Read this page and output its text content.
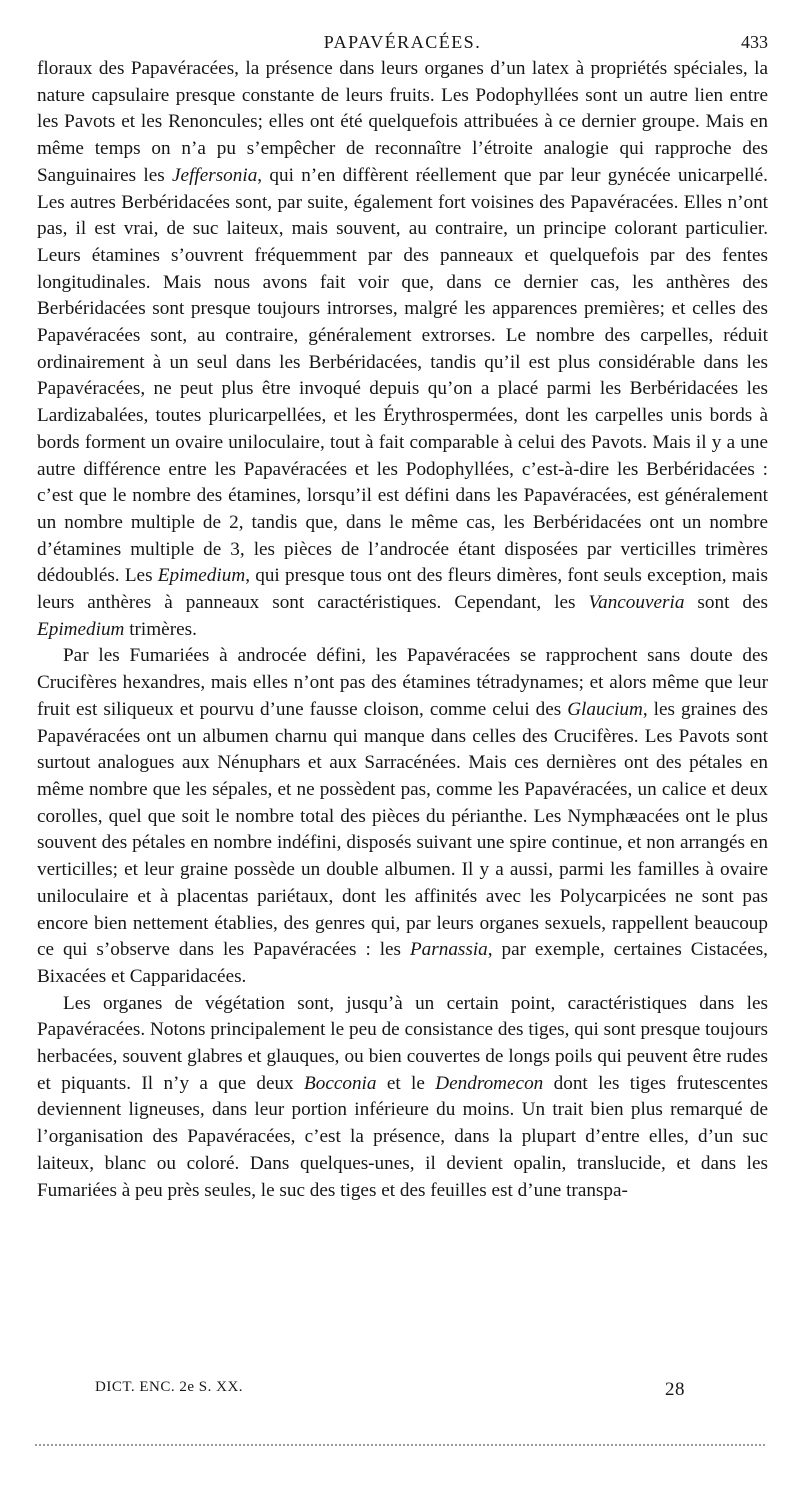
PAPAVÉRACÉES.	433

floraux des Papavéracées, la présence dans leurs organes d’un latex à propriétés spéciales, la nature capsulaire presque constante de leurs fruits. Les Podophyllées sont un autre lien entre les Pavots et les Renoncules; elles ont été quelquefois attribuées à ce dernier groupe. Mais en même temps on n’a pu s’empêcher de reconnaître l’étroite analogie qui rapproche des Sanguinaires les Jeffersonia, qui n’en diffèrent réellement que par leur gynécée unicarpellé. Les autres Berbéridacées sont, par suite, également fort voisines des Papavéracées. Elles n’ont pas, il est vrai, de suc laiteux, mais souvent, au contraire, un principe colorant particulier. Leurs étamines s’ouvrent fréquemment par des panneaux et quelquefois par des fentes longitudinales. Mais nous avons fait voir que, dans ce dernier cas, les anthères des Berbéridacées sont presque toujours introrses, malgré les apparences premières; et celles des Papavéracées sont, au contraire, généralement extrorses. Le nombre des carpelles, réduit ordinairement à un seul dans les Berbéridacées, tandis qu’il est plus considérable dans les Papavéracées, ne peut plus être invoqué depuis qu’on a placé parmi les Berbéridacées les Lardizabalées, toutes pluricarpellées, et les Érythrospermées, dont les carpelles unis bords à bords forment un ovaire uniloculaire, tout à fait comparable à celui des Pavots. Mais il y a une autre différence entre les Papavéracées et les Podophyllées, c’est-à-dire les Berbéridacées : c’est que le nombre des étamines, lorsqu’il est défini dans les Papavéracées, est généralement un nombre multiple de 2, tandis que, dans le même cas, les Berbéridacées ont un nombre d’étamines multiple de 3, les pièces de l’androcée étant disposées par verticilles trimères dédoublés. Les Epimedium, qui presque tous ont des fleurs dimères, font seuls exception, mais leurs anthères à panneaux sont caractéristiques. Cependant, les Vancouveria sont des Epimedium trimères.

Par les Fumariées à androcée défini, les Papavéracées se rapprochent sans doute des Crucifères hexandres, mais elles n’ont pas des étamines tétradynames; et alors même que leur fruit est siliqueux et pourvu d’une fausse cloison, comme celui des Glaucium, les graines des Papavéracées ont un albumen charnu qui manque dans celles des Crucifères. Les Pavots sont surtout analogues aux Nénuphars et aux Sarracénées. Mais ces dernières ont des pétales en même nombre que les sépales, et ne possèdent pas, comme les Papavéracées, un calice et deux corolles, quel que soit le nombre total des pièces du périanthe. Les Nymphæacées ont le plus souvent des pétales en nombre indéfini, disposés suivant une spire continue, et non arrangés en verticilles; et leur graine possède un double albumen. Il y a aussi, parmi les familles à ovaire uniloculaire et à placentas pariétaux, dont les affinités avec les Polycarpicées ne sont pas encore bien nettement établies, des genres qui, par leurs organes sexuels, rappellent beaucoup ce qui s’observe dans les Papavéracées : les Parnassia, par exemple, certaines Cistacées, Bixacées et Capparidacées.

Les organes de végétation sont, jusqu’à un certain point, caractéristiques dans les Papavéracées. Notons principalement le peu de consistance des tiges, qui sont presque toujours herbacées, souvent glabres et glauques, ou bien couvertes de longs poils qui peuvent être rudes et piquants. Il n’y a que deux Bocconia et le Dendromecon dont les tiges frutescentes deviennent ligneuses, dans leur portion inférieure du moins. Un trait bien plus remarqué de l’organisation des Papavéracées, c’est la présence, dans la plupart d’entre elles, d’un suc laiteux, blanc ou coloré. Dans quelques-unes, il devient opalin, translucide, et dans les Fumariées à peu près seules, le suc des tiges et des feuilles est d’une transpa-

DICT. ENC. 2e S. XX.	28
